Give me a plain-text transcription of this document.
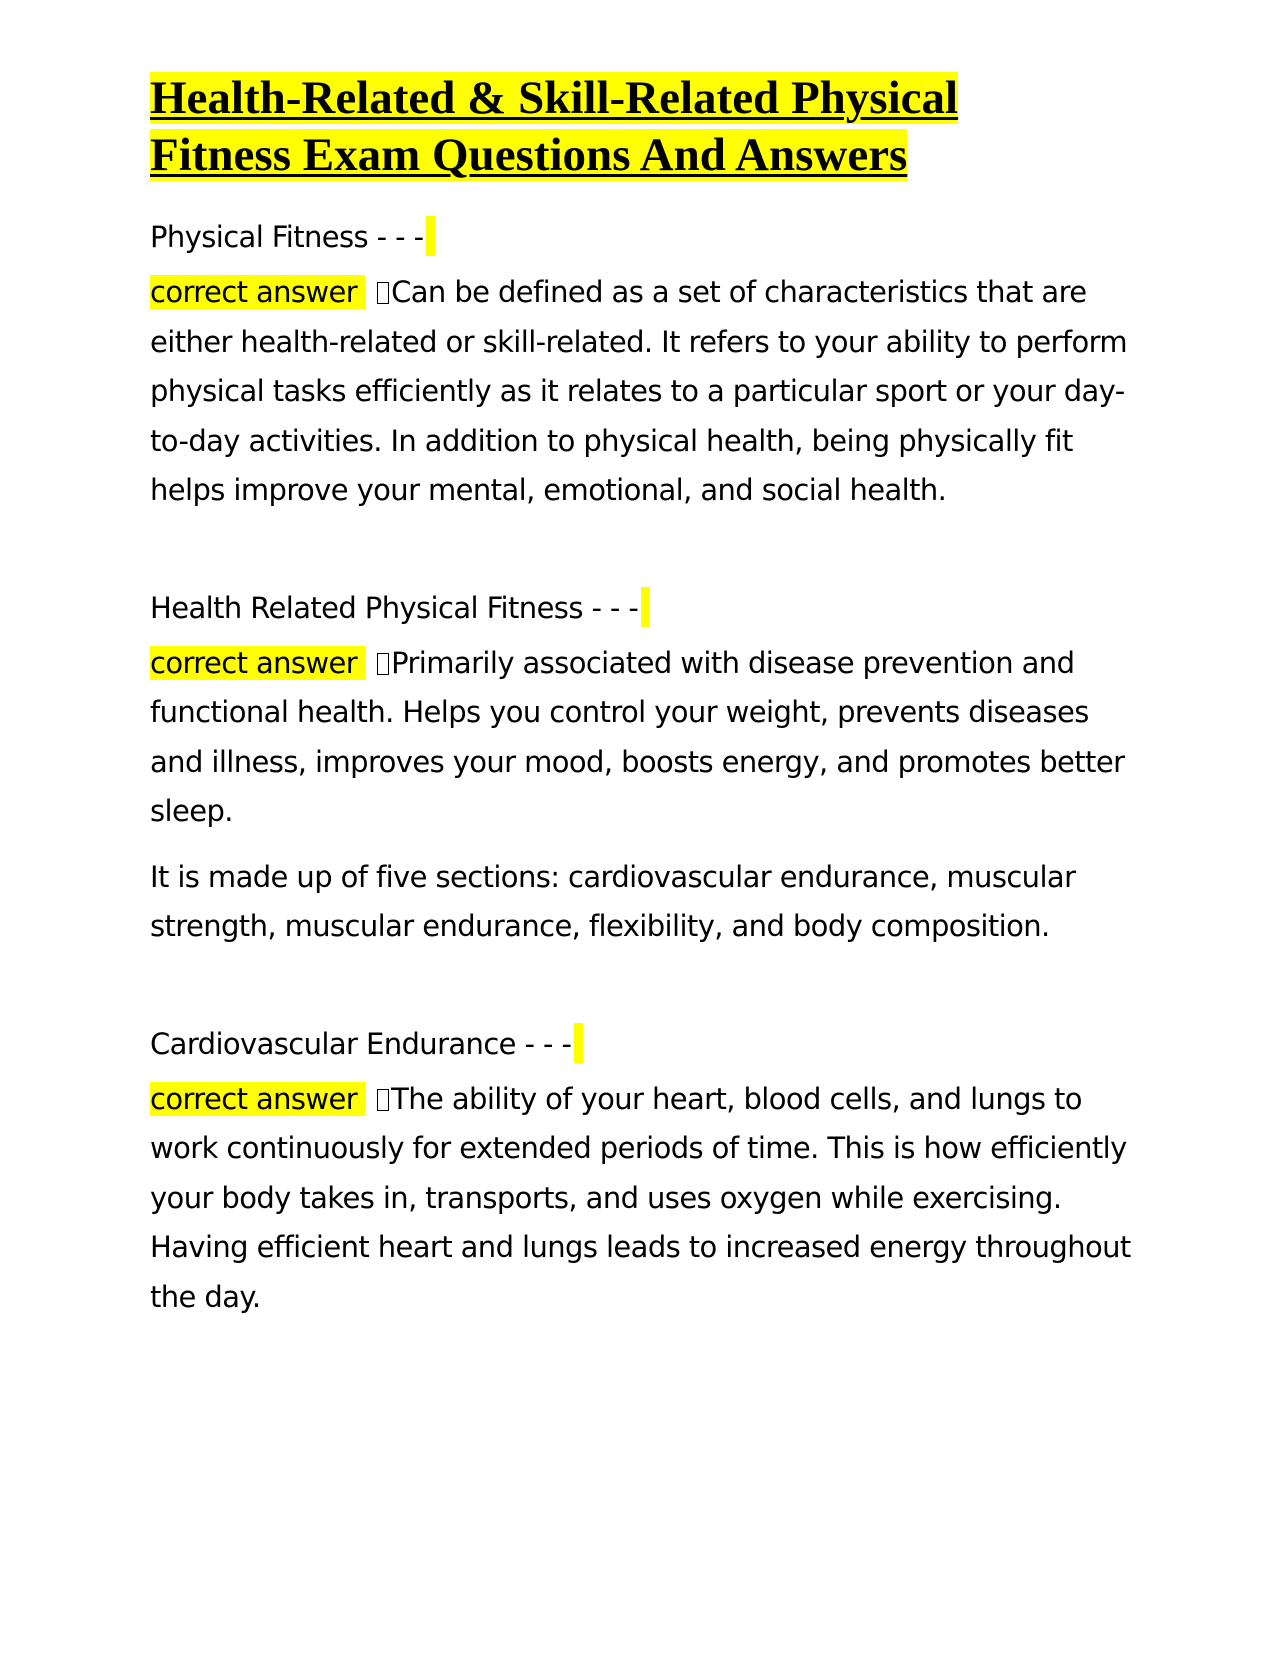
Health-Related & Skill-Related Physical
Fitness Exam Questions And Answers

Physical Fitness - - -

correct answer Can be defined as a set of characteristics that are either health-related or skill-related. It refers to your ability to perform physical tasks efficiently as it relates to a particular sport or your day-to-day activities. In addition to physical health, being physically fit helps improve your mental, emotional, and social health.

Health Related Physical Fitness - - -

correct answer Primarily associated with disease prevention and functional health. Helps you control your weight, prevents diseases and illness, improves your mood, boosts energy, and promotes better sleep.

It is made up of five sections: cardiovascular endurance, muscular strength, muscular endurance, flexibility, and body composition.

Cardiovascular Endurance - - -

correct answer The ability of your heart, blood cells, and lungs to work continuously for extended periods of time. This is how efficiently your body takes in, transports, and uses oxygen while exercising. Having efficient heart and lungs leads to increased energy throughout the day.
